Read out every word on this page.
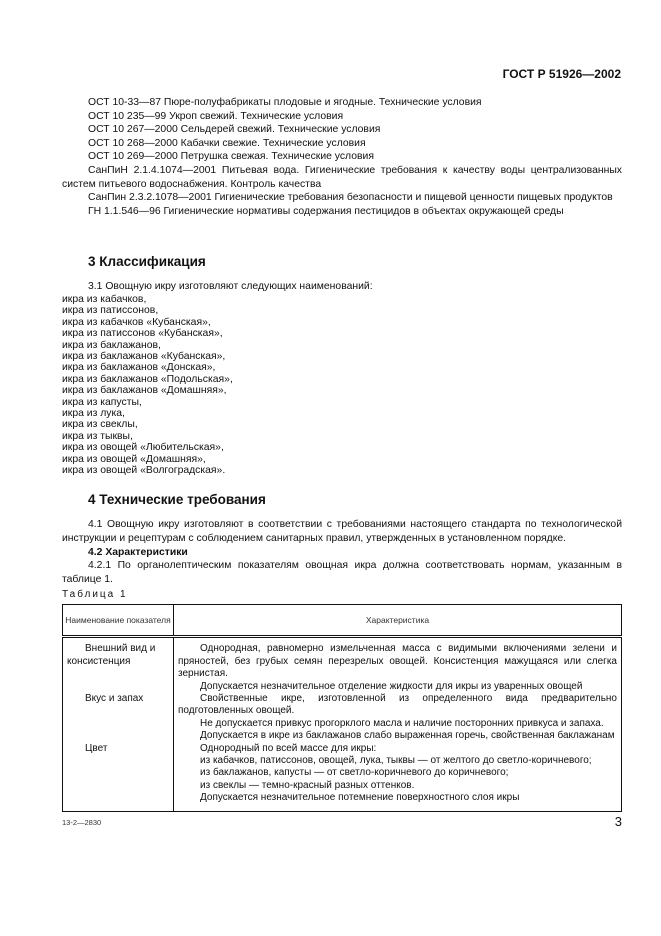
ГОСТ Р 51926—2002

ОСТ 10-33—87 Пюре-полуфабрикаты плодовые и ягодные. Технические условия

ОСТ 10 235—99 Укроп свежий. Технические условия

ОСТ 10 267—2000 Сельдерей свежий. Технические условия

ОСТ 10 268—2000 Кабачки свежие. Технические условия

ОСТ 10 269—2000 Петрушка свежая. Технические условия

СанПиН 2.1.4.1074—2001 Питьевая вода. Гигиенические требования к качеству воды централизованных систем питьевого водоснабжения. Контроль качества

СанПин 2.3.2.1078—2001 Гигиенические требования безопасности и пищевой ценности пищевых продуктов

ГН 1.1.546—96 Гигиенические нормативы содержания пестицидов в объектах окружающей среды

3 Классификация

3.1 Овощную икру изготовляют следующих наименований:

икра из кабачков,
икра из патиссонов,
икра из кабачков «Кубанская»,
икра из патиссонов «Кубанская»,
икра из баклажанов,
икра из баклажанов «Кубанская»,
икра из баклажанов «Донская»,
икра из баклажанов «Подольская»,
икра из баклажанов «Домашняя»,
икра из капусты,
икра из лука,
икра из свеклы,
икра из тыквы,
икра из овощей «Любительская»,
икра из овощей «Домашняя»,
икра из овощей «Волгоградская».
4 Технические требования

4.1 Овощную икру изготовляют в соответствии с требованиями настоящего стандарта по технологической инструкции и рецептурам с соблюдением санитарных правил, утвержденных в установленном порядке.

4.2 Характеристики

4.2.1 По органолептическим показателям овощная икра должна соответствовать нормам, указанным в таблице 1.

Таблица 1
Наименование показателя	Характеристика

Внешний вид и консистенция	Однородная, равномерно измельченная масса с видимыми включениями зелени и пряностей, без грубых семян перезрелых овощей. Консистенция мажущаяся или слегка зернистая.

Допускается незначительное отделение жидкости для икры из уваренных овощей

Вкус и запах	Свойственные икре, изготовленной из определенного вида предварительно подготовленных овощей.

Не допускается привкус прогорклого масла и наличие посторонних привкуса и запаха.

Допускается в икре из баклажанов слабо выраженная горечь, свойственная баклажанам

Цвет	Однородный по всей массе для икры:

из кабачков, патиссонов, овощей, лука, тыквы — от желтого до светло-коричневого;

из баклажанов, капусты — от светло-коричневого до коричневого;

из свеклы — темно-красный разных оттенков.

Допускается незначительное потемнение поверхностного слоя икры

13-2—2830	3
